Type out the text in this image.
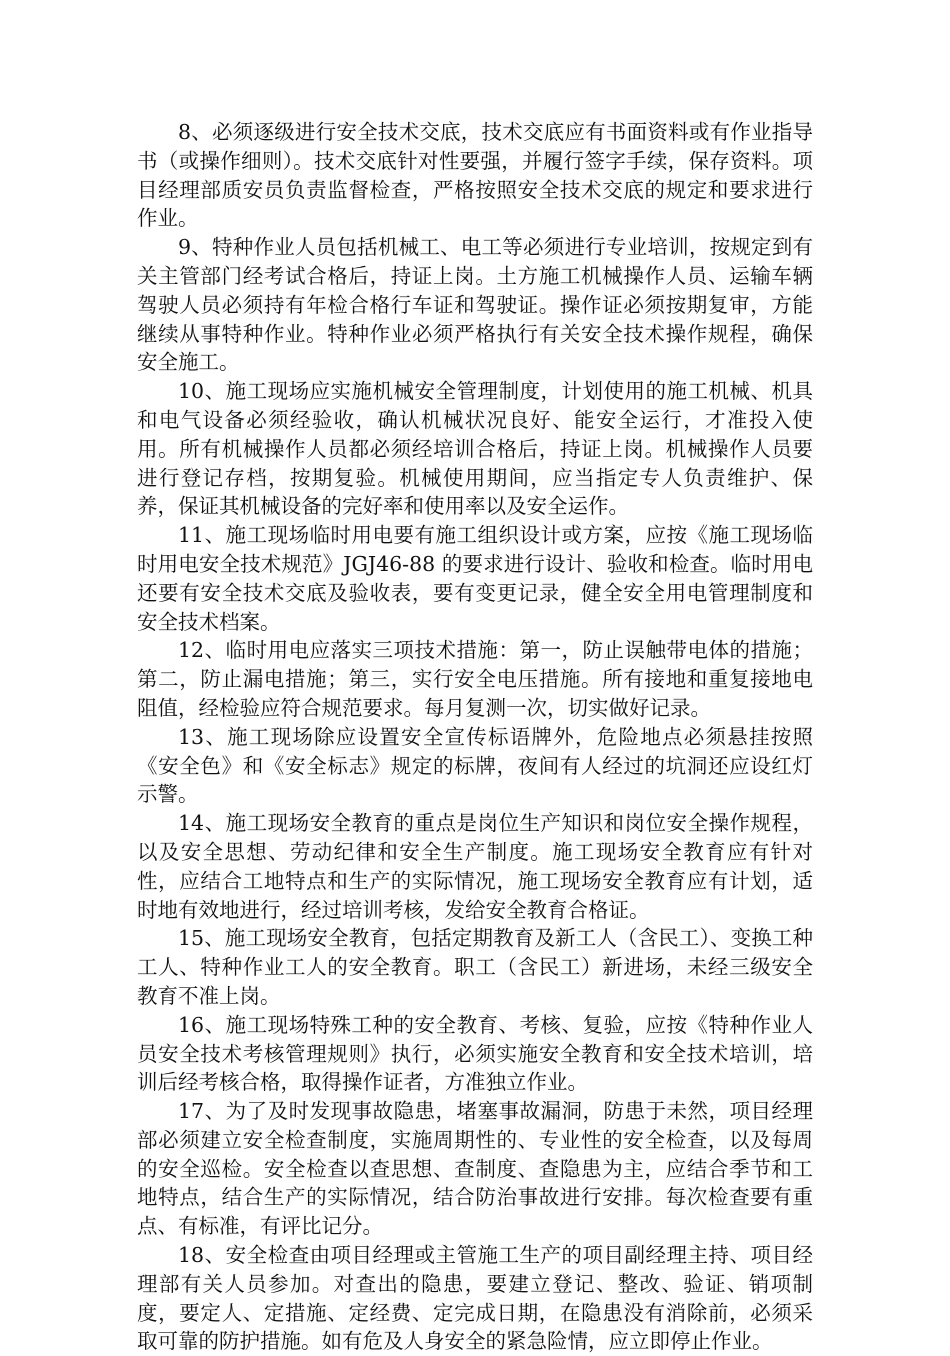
8、必须逐级进行安全技术交底，技术交底应有书面资料或有作业指导书（或操作细则）。技术交底针对性要强，并履行签字手续，保存资料。项目经理部质安员负责监督检查，严格按照安全技术交底的规定和要求进行作业。

9、特种作业人员包括机械工、电工等必须进行专业培训，按规定到有关主管部门经考试合格后，持证上岗。土方施工机械操作人员、运输车辆驾驶人员必须持有年检合格行车证和驾驶证。操作证必须按期复审，方能继续从事特种作业。特种作业必须严格执行有关安全技术操作规程，确保安全施工。

10、施工现场应实施机械安全管理制度，计划使用的施工机械、机具和电气设备必须经验收，确认机械状况良好、能安全运行，才准投入使用。所有机械操作人员都必须经培训合格后，持证上岗。机械操作人员要进行登记存档，按期复验。机械使用期间，应当指定专人负责维护、保养，保证其机械设备的完好率和使用率以及安全运作。

11、施工现场临时用电要有施工组织设计或方案，应按《施工现场临时用电安全技术规范》JGJ46-88 的要求进行设计、验收和检查。临时用电还要有安全技术交底及验收表，要有变更记录，健全安全用电管理制度和安全技术档案。

12、临时用电应落实三项技术措施：第一，防止误触带电体的措施；第二，防止漏电措施；第三，实行安全电压措施。所有接地和重复接地电阻值，经检验应符合规范要求。每月复测一次，切实做好记录。

13、施工现场除应设置安全宣传标语牌外，危险地点必须悬挂按照《安全色》和《安全标志》规定的标牌，夜间有人经过的坑洞还应设红灯示警。

14、施工现场安全教育的重点是岗位生产知识和岗位安全操作规程，以及安全思想、劳动纪律和安全生产制度。施工现场安全教育应有针对性，应结合工地特点和生产的实际情况，施工现场安全教育应有计划，适时地有效地进行，经过培训考核，发给安全教育合格证。

15、施工现场安全教育，包括定期教育及新工人（含民工）、变换工种工人、特种作业工人的安全教育。职工（含民工）新进场，未经三级安全教育不准上岗。

16、施工现场特殊工种的安全教育、考核、复验，应按《特种作业人员安全技术考核管理规则》执行，必须实施安全教育和安全技术培训，培训后经考核合格，取得操作证者，方准独立作业。

17、为了及时发现事故隐患，堵塞事故漏洞，防患于未然，项目经理部必须建立安全检查制度，实施周期性的、专业性的安全检查，以及每周的安全巡检。安全检查以查思想、查制度、查隐患为主，应结合季节和工地特点，结合生产的实际情况，结合防治事故进行安排。每次检查要有重点、有标准，有评比记分。

18、安全检查由项目经理或主管施工生产的项目副经理主持、项目经理部有关人员参加。对查出的隐患，要建立登记、整改、验证、销项制度，要定人、定措施、定经费、定完成日期，在隐患没有消除前，必须采取可靠的防护措施。如有危及人身安全的紧急险情，应立即停止作业。
